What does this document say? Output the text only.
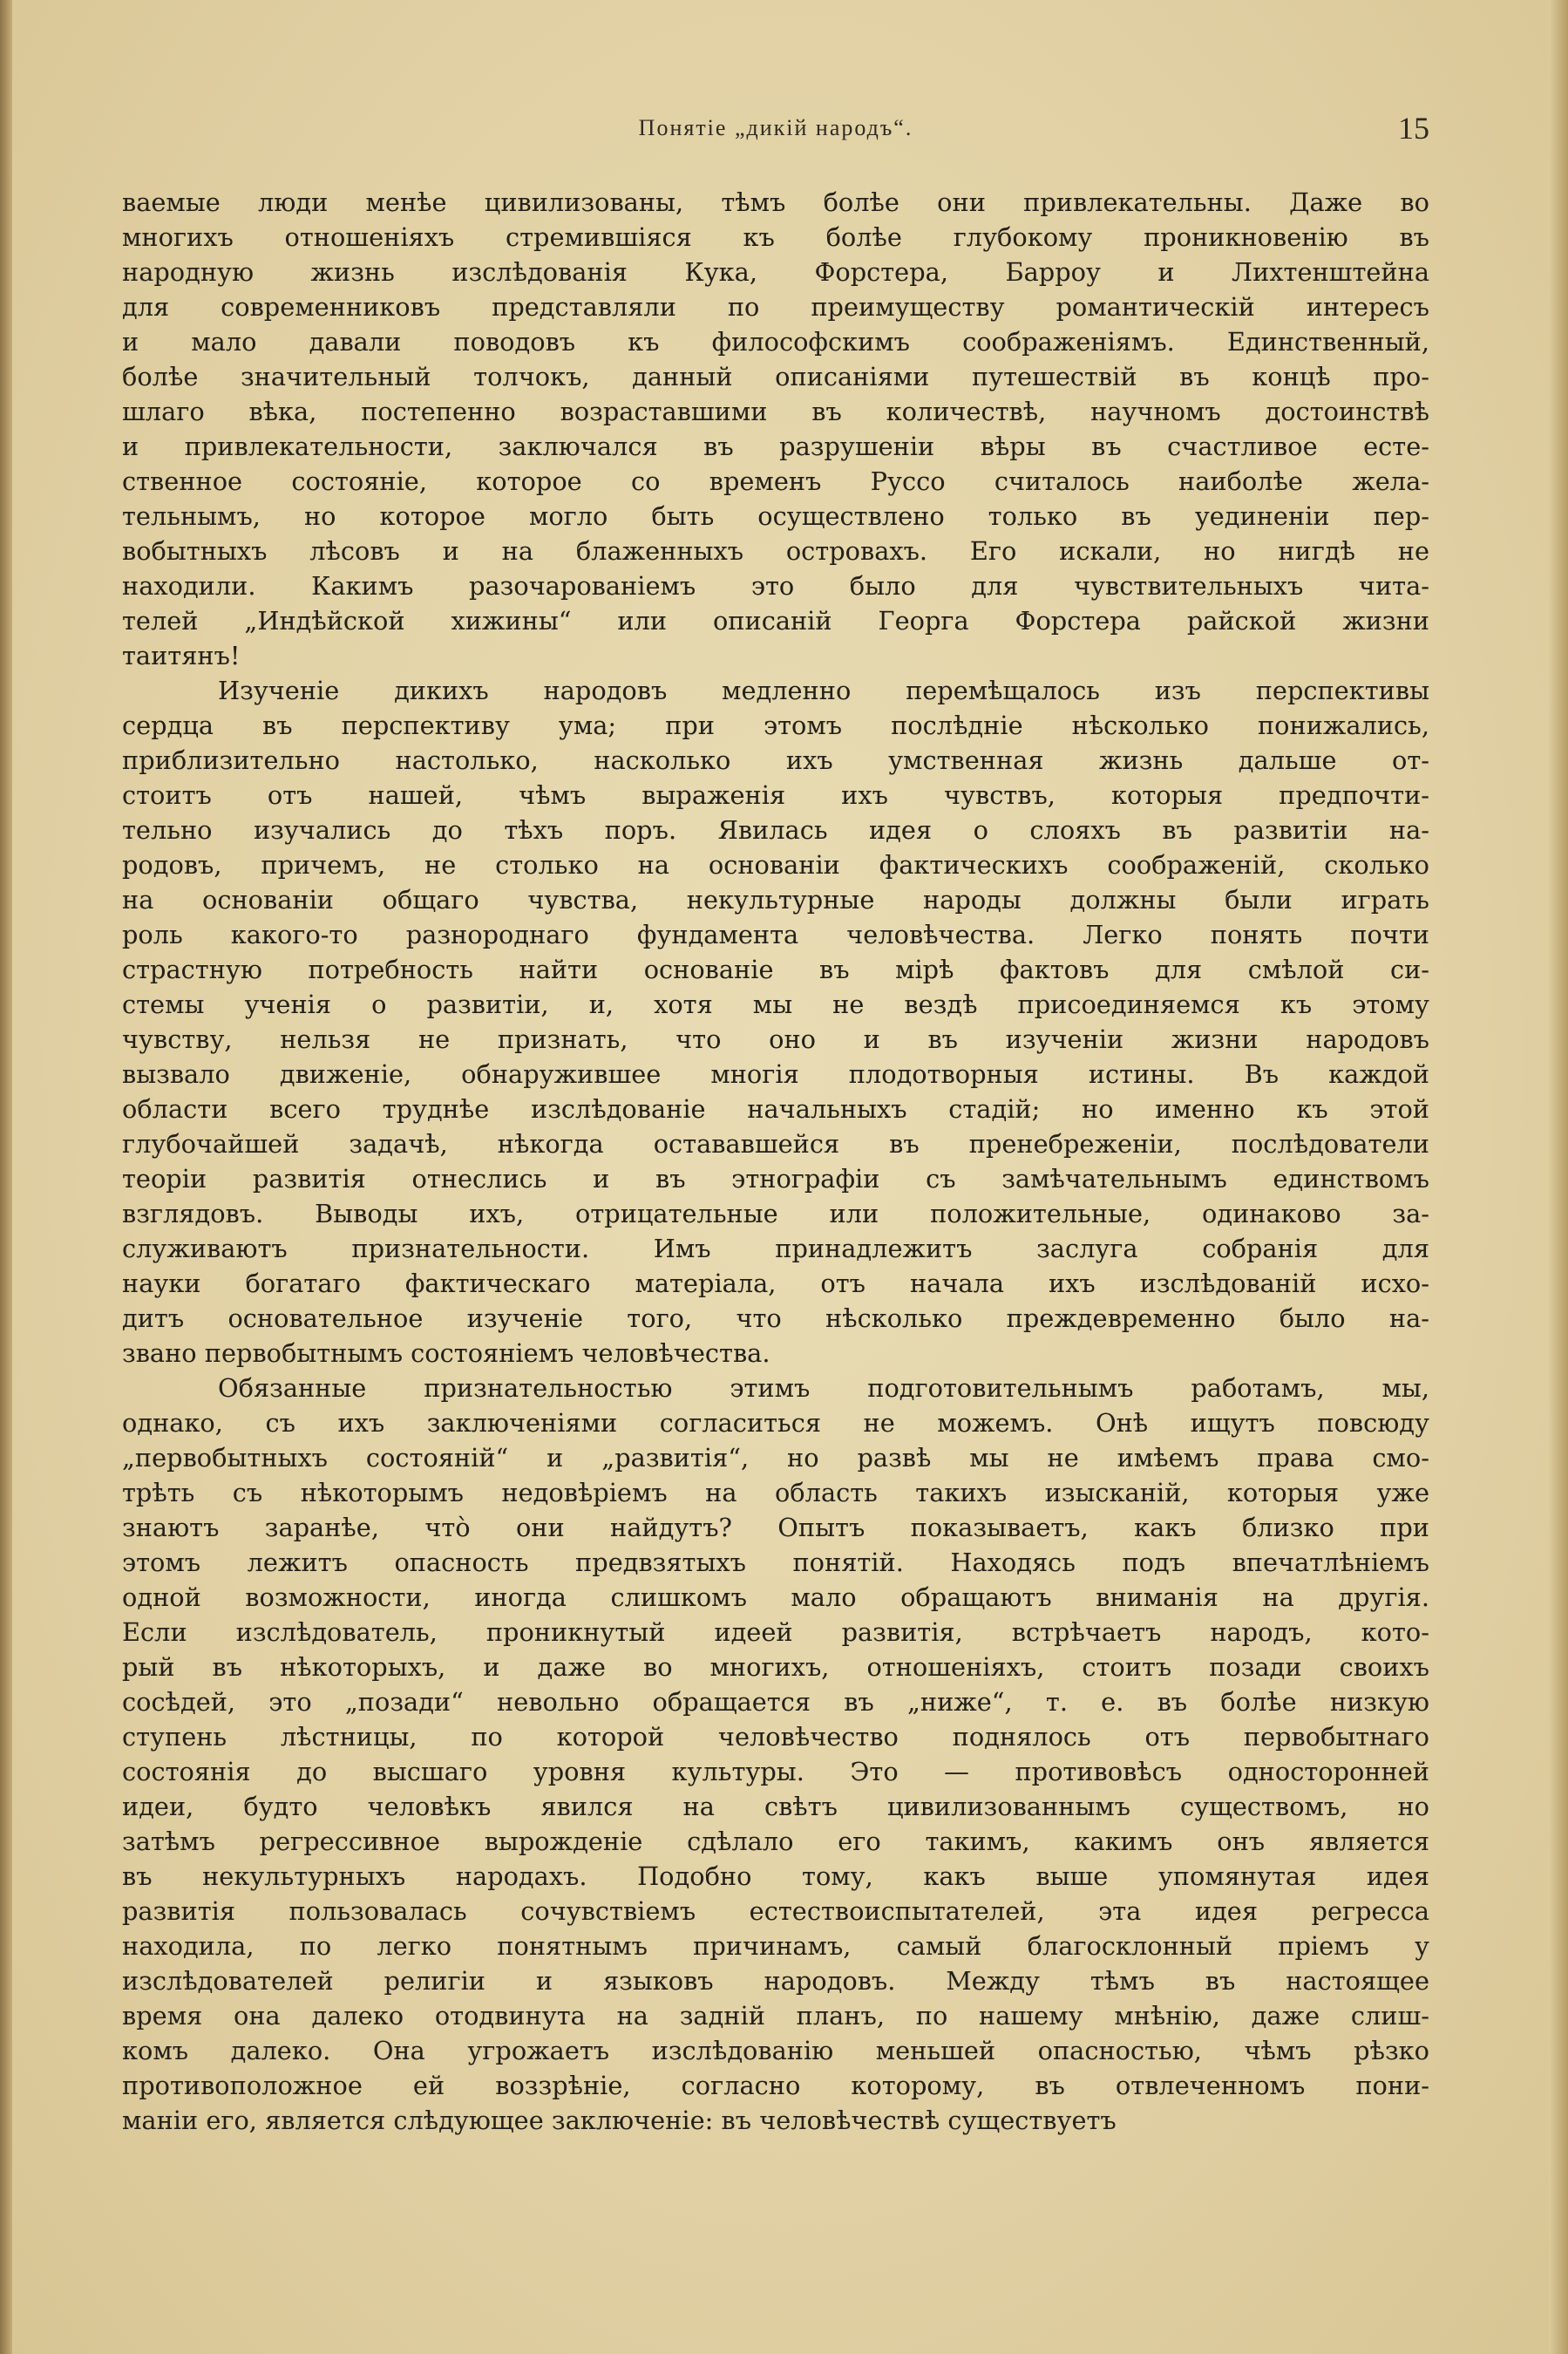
Понятіе „дикій народъ“.	15
ваемые люди менѣе цивилизованы, тѣмъ болѣе они привлекательны. Даже во
многихъ отношеніяхъ стремившіяся къ болѣе глубокому проникновенію въ
народную жизнь изслѣдованія Кука, Форстера, Барроу и Лихтенштейна
для современниковъ представляли по преимуществу романтическій интересъ
и мало давали поводовъ къ философскимъ соображеніямъ. Единственный,
болѣе значительный толчокъ, данный описаніями путешествій въ концѣ про-
шлаго вѣка, постепенно возраставшими въ количествѣ, научномъ достоинствѣ
и привлекательности, заключался въ разрушеніи вѣры въ счастливое есте-
ственное состояніе, которое со временъ Руссо считалось наиболѣе жела-
тельнымъ, но которое могло быть осуществлено только въ уединеніи пер-
вобытныхъ лѣсовъ и на блаженныхъ островахъ. Его искали, но нигдѣ не
находили. Какимъ разочарованіемъ это было для чувствительныхъ чита-
телей „Индѣйской хижины“ или описаній Георга Форстера райской жизни
таитянъ!
Изученіе дикихъ народовъ медленно перемѣщалось изъ перспективы
сердца въ перспективу ума; при этомъ послѣдніе нѣсколько понижались,
приблизительно настолько, насколько ихъ умственная жизнь дальше от-
стоитъ отъ нашей, чѣмъ выраженія ихъ чувствъ, которыя предпочти-
тельно изучались до тѣхъ поръ. Явилась идея о слояхъ въ развитіи на-
родовъ, причемъ, не столько на основаніи фактическихъ соображеній, сколько
на основаніи общаго чувства, некультурные народы должны были играть
роль какого-то разнороднаго фундамента человѣчества. Легко понять почти
страстную потребность найти основаніе въ мірѣ фактовъ для смѣлой си-
стемы ученія о развитіи, и, хотя мы не вездѣ присоединяемся къ этому
чувству, нельзя не признать, что оно и въ изученіи жизни народовъ
вызвало движеніе, обнаружившее многія плодотворныя истины. Въ каждой
области всего труднѣе изслѣдованіе начальныхъ стадій; но именно къ этой
глубочайшей задачѣ, нѣкогда остававшейся въ пренебреженіи, послѣдователи
теоріи развитія отнеслись и въ этнографіи съ замѣчательнымъ единствомъ
взглядовъ. Выводы ихъ, отрицательные или положительные, одинаково за-
служиваютъ признательности. Имъ принадлежитъ заслуга собранія для
науки богатаго фактическаго матеріала, отъ начала ихъ изслѣдованій исхо-
дитъ основательное изученіе того, что нѣсколько преждевременно было на-
звано первобытнымъ состояніемъ человѣчества.
Обязанные признательностью этимъ подготовительнымъ работамъ, мы,
однако, съ ихъ заключеніями согласиться не можемъ. Онѣ ищутъ повсюду
„первобытныхъ состояній“ и „развитія“, но развѣ мы не имѣемъ права смо-
трѣть съ нѣкоторымъ недовѣріемъ на область такихъ изысканій, которыя уже
знаютъ заранѣе, что̀ они найдутъ? Опытъ показываетъ, какъ близко при
этомъ лежитъ опасность предвзятыхъ понятій. Находясь подъ впечатлѣніемъ
одной возможности, иногда слишкомъ мало обращаютъ вниманія на другія.
Если изслѣдователь, проникнутый идеей развитія, встрѣчаетъ народъ, кото-
рый въ нѣкоторыхъ, и даже во многихъ, отношеніяхъ, стоитъ позади своихъ
сосѣдей, это „позади“ невольно обращается въ „ниже“, т. е. въ болѣе низкую
ступень лѣстницы, по которой человѣчество поднялось отъ первобытнаго
состоянія до высшаго уровня культуры. Это — противовѣсъ односторонней
идеи, будто человѣкъ явился на свѣтъ цивилизованнымъ существомъ, но
затѣмъ регрессивное вырожденіе сдѣлало его такимъ, какимъ онъ является
въ некультурныхъ народахъ. Подобно тому, какъ выше упомянутая идея
развитія пользовалась сочувствіемъ естествоиспытателей, эта идея регресса
находила, по легко понятнымъ причинамъ, самый благосклонный пріемъ у
изслѣдователей религіи и языковъ народовъ. Между тѣмъ въ настоящее
время она далеко отодвинута на задній планъ, по нашему мнѣнію, даже слиш-
комъ далеко. Она угрожаетъ изслѣдованію меньшей опасностью, чѣмъ рѣзко
противоположное ей воззрѣніе, согласно которому, въ отвлеченномъ пони-
маніи его, является слѣдующее заключеніе: въ человѣчествѣ существуетъ
